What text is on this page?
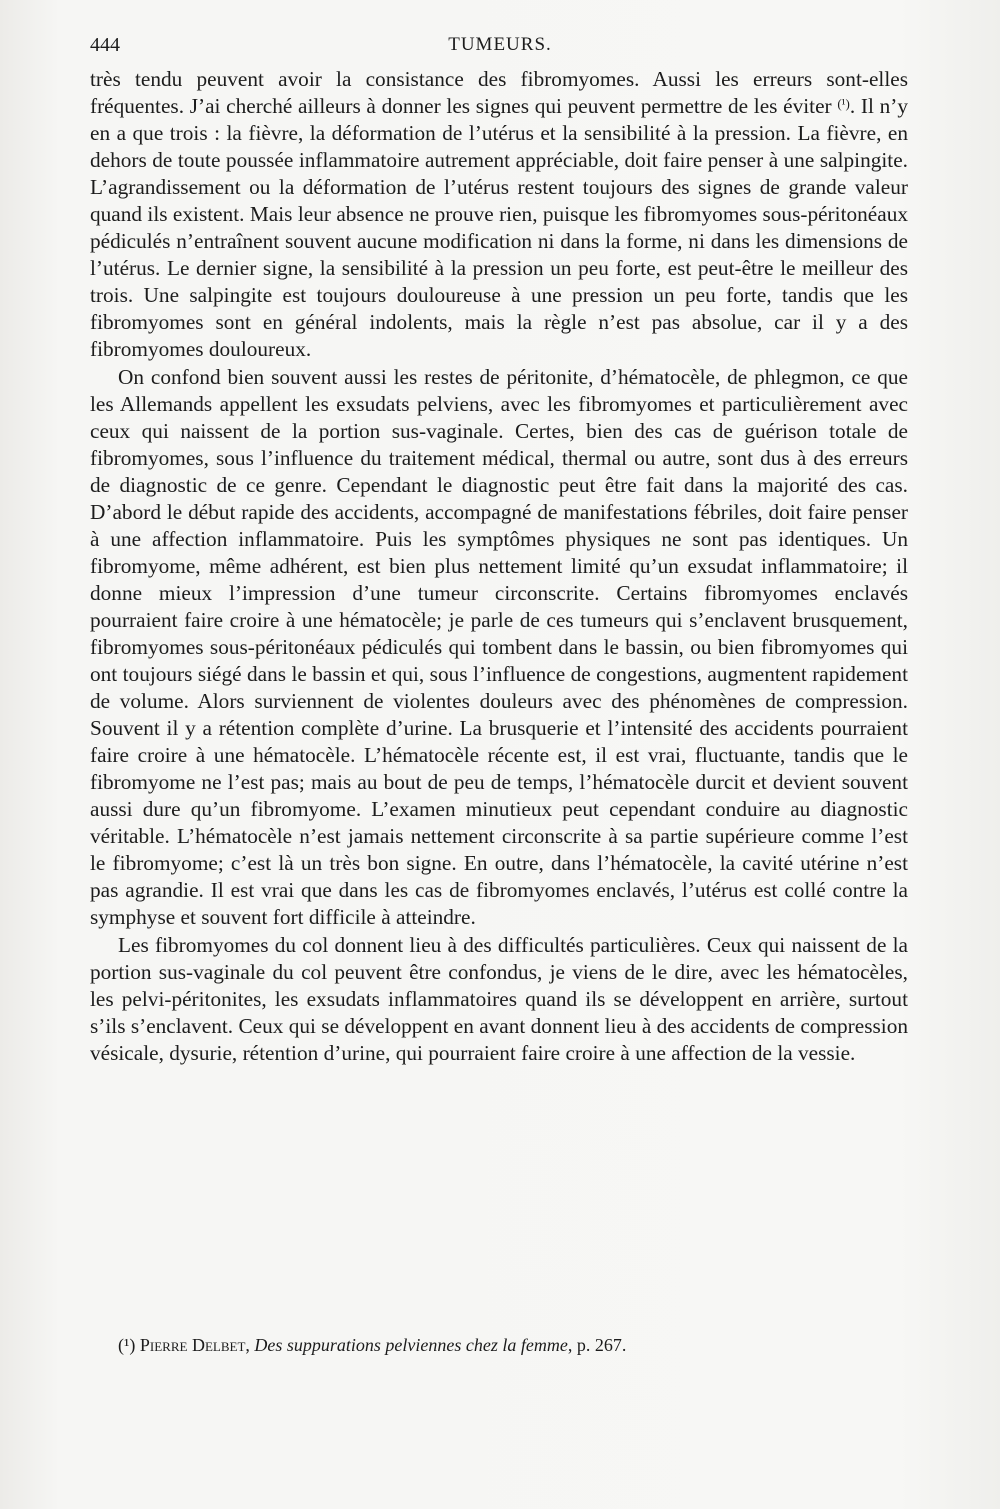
444	TUMEURS.

très tendu peuvent avoir la consistance des fibromyomes. Aussi les erreurs sont-elles fréquentes. J’ai cherché ailleurs à donner les signes qui peuvent permettre de les éviter $^{(^1)}$. Il n’y en a que trois : la fièvre, la déformation de l’utérus et la sensibilité à la pression. La fièvre, en dehors de toute poussée inflammatoire autrement appréciable, doit faire penser à une salpingite. L’agrandissement ou la déformation de l’utérus restent toujours des signes de grande valeur quand ils existent. Mais leur absence ne prouve rien, puisque les fibromyomes sous-péritonéaux pédiculés n’entraînent souvent aucune modification ni dans la forme, ni dans les dimensions de l’utérus. Le dernier signe, la sensibilité à la pression un peu forte, est peut-être le meilleur des trois. Une salpingite est toujours douloureuse à une pression un peu forte, tandis que les fibromyomes sont en général indolents, mais la règle n’est pas absolue, car il y a des fibromyomes douloureux.

On confond bien souvent aussi les restes de péritonite, d’hématocèle, de phlegmon, ce que les Allemands appellent les exsudats pelviens, avec les fibromyomes et particulièrement avec ceux qui naissent de la portion sus-vaginale. Certes, bien des cas de guérison totale de fibromyomes, sous l’influence du traitement médical, thermal ou autre, sont dus à des erreurs de diagnostic de ce genre. Cependant le diagnostic peut être fait dans la majorité des cas. D’abord le début rapide des accidents, accompagné de manifestations fébriles, doit faire penser à une affection inflammatoire. Puis les symptômes physiques ne sont pas identiques. Un fibromyome, même adhérent, est bien plus nettement limité qu’un exsudat inflammatoire; il donne mieux l’impression d’une tumeur circonscrite. Certains fibromyomes enclavés pourraient faire croire à une hématocèle; je parle de ces tumeurs qui s’enclavent brusquement, fibromyomes sous-péritonéaux pédiculés qui tombent dans le bassin, ou bien fibromyomes qui ont toujours siégé dans le bassin et qui, sous l’influence de congestions, augmentent rapidement de volume. Alors surviennent de violentes douleurs avec des phénomènes de compression. Souvent il y a rétention complète d’urine. La brusquerie et l’intensité des accidents pourraient faire croire à une hématocèle. L’hématocèle récente est, il est vrai, fluctuante, tandis que le fibromyome ne l’est pas; mais au bout de peu de temps, l’hématocèle durcit et devient souvent aussi dure qu’un fibromyome. L’examen minutieux peut cependant conduire au diagnostic véritable. L’hématocèle n’est jamais nettement circonscrite à sa partie supérieure comme l’est le fibromyome; c’est là un très bon signe. En outre, dans l’hématocèle, la cavité utérine n’est pas agrandie. Il est vrai que dans les cas de fibromyomes enclavés, l’utérus est collé contre la symphyse et souvent fort difficile à atteindre.

Les fibromyomes du col donnent lieu à des difficultés particulières. Ceux qui naissent de la portion sus-vaginale du col peuvent être confondus, je viens de le dire, avec les hématocèles, les pelvi-péritonites, les exsudats inflammatoires quand ils se développent en arrière, surtout s’ils s’enclavent. Ceux qui se développent en avant donnent lieu à des accidents de compression vésicale, dysurie, rétention d’urine, qui pourraient faire croire à une affection de la vessie.

(¹) Pierre Delbet, Des suppurations pelviennes chez la femme, p. 267.
